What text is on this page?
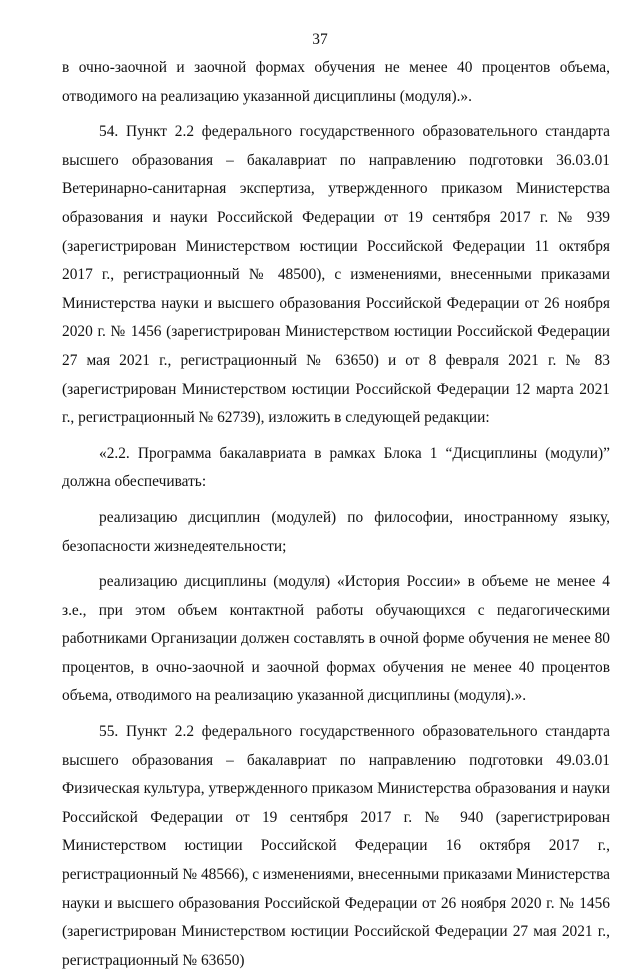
37

в очно-заочной и заочной формах обучения не менее 40 процентов объема, отводимого на реализацию указанной дисциплины (модуля).».

54. Пункт 2.2 федерального государственного образовательного стандарта высшего образования – бакалавриат по направлению подготовки 36.03.01 Ветеринарно-санитарная экспертиза, утвержденного приказом Министерства образования и науки Российской Федерации от 19 сентября 2017 г. № 939 (зарегистрирован Министерством юстиции Российской Федерации 11 октября 2017 г., регистрационный № 48500), с изменениями, внесенными приказами Министерства науки и высшего образования Российской Федерации от 26 ноября 2020 г. № 1456 (зарегистрирован Министерством юстиции Российской Федерации 27 мая 2021 г., регистрационный № 63650) и от 8 февраля 2021 г. № 83 (зарегистрирован Министерством юстиции Российской Федерации 12 марта 2021 г., регистрационный № 62739), изложить в следующей редакции:

«2.2. Программа бакалавриата в рамках Блока 1 “Дисциплины (модули)” должна обеспечивать:

реализацию дисциплин (модулей) по философии, иностранному языку, безопасности жизнедеятельности;

реализацию дисциплины (модуля) «История России» в объеме не менее 4 з.е., при этом объем контактной работы обучающихся с педагогическими работниками Организации должен составлять в очной форме обучения не менее 80 процентов, в очно-заочной и заочной формах обучения не менее 40 процентов объема, отводимого на реализацию указанной дисциплины (модуля).».

55. Пункт 2.2 федерального государственного образовательного стандарта высшего образования – бакалавриат по направлению подготовки 49.03.01 Физическая культура, утвержденного приказом Министерства образования и науки Российской Федерации от 19 сентября 2017 г. № 940 (зарегистрирован Министерством юстиции Российской Федерации 16 октября 2017 г., регистрационный № 48566), с изменениями, внесенными приказами Министерства науки и высшего образования Российской Федерации от 26 ноября 2020 г. № 1456 (зарегистрирован Министерством юстиции Российской Федерации 27 мая 2021 г., регистрационный № 63650)
